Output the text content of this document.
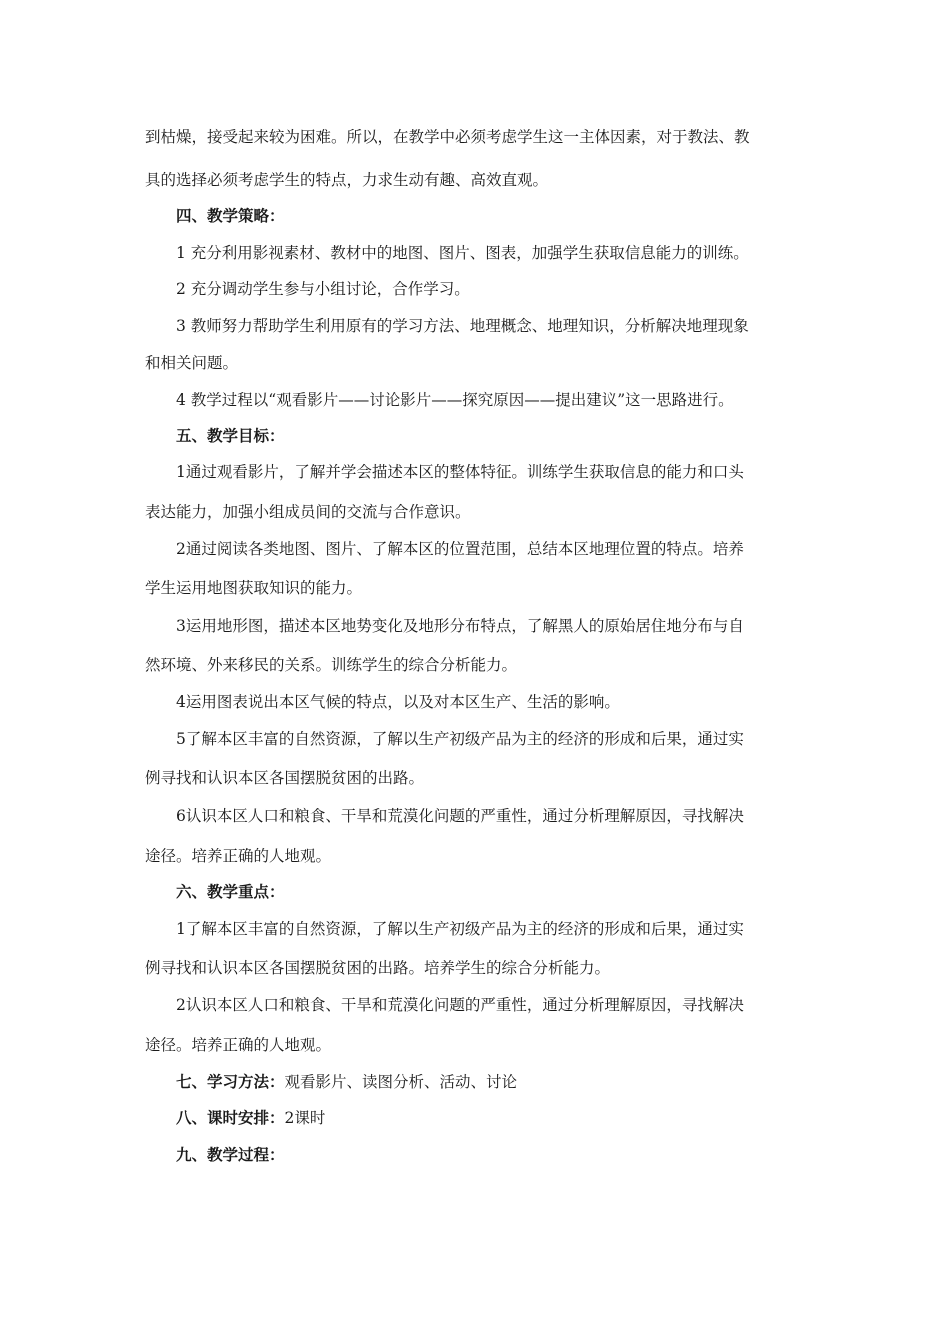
到枯燥，接受起来较为困难。所以，在教学中必须考虑学生这一主体因素，对于教法、教
具的选择必须考虑学生的特点，力求生动有趣、高效直观。
四、教学策略：
1 充分利用影视素材、教材中的地图、图片、图表，加强学生获取信息能力的训练。
2 充分调动学生参与小组讨论，合作学习。
3 教师努力帮助学生利用原有的学习方法、地理概念、地理知识，分析解决地理现象
和相关问题。
4 教学过程以“观看影片——讨论影片——探究原因——提出建议”这一思路进行。
五、教学目标：
1通过观看影片，了解并学会描述本区的整体特征。训练学生获取信息的能力和口头
表达能力，加强小组成员间的交流与合作意识。
2通过阅读各类地图、图片、了解本区的位置范围，总结本区地理位置的特点。培养
学生运用地图获取知识的能力。
3运用地形图，描述本区地势变化及地形分布特点，了解黑人的原始居住地分布与自
然环境、外来移民的关系。训练学生的综合分析能力。
4运用图表说出本区气候的特点，以及对本区生产、生活的影响。
5了解本区丰富的自然资源，了解以生产初级产品为主的经济的形成和后果，通过实
例寻找和认识本区各国摆脱贫困的出路。
6认识本区人口和粮食、干旱和荒漠化问题的严重性，通过分析理解原因，寻找解决
途径。培养正确的人地观。
六、教学重点：
1了解本区丰富的自然资源，了解以生产初级产品为主的经济的形成和后果，通过实
例寻找和认识本区各国摆脱贫困的出路。培养学生的综合分析能力。
2认识本区人口和粮食、干旱和荒漠化问题的严重性，通过分析理解原因，寻找解决
途径。培养正确的人地观。
七、学习方法：观看影片、读图分析、活动、讨论
八、课时安排：2课时
九、教学过程：
